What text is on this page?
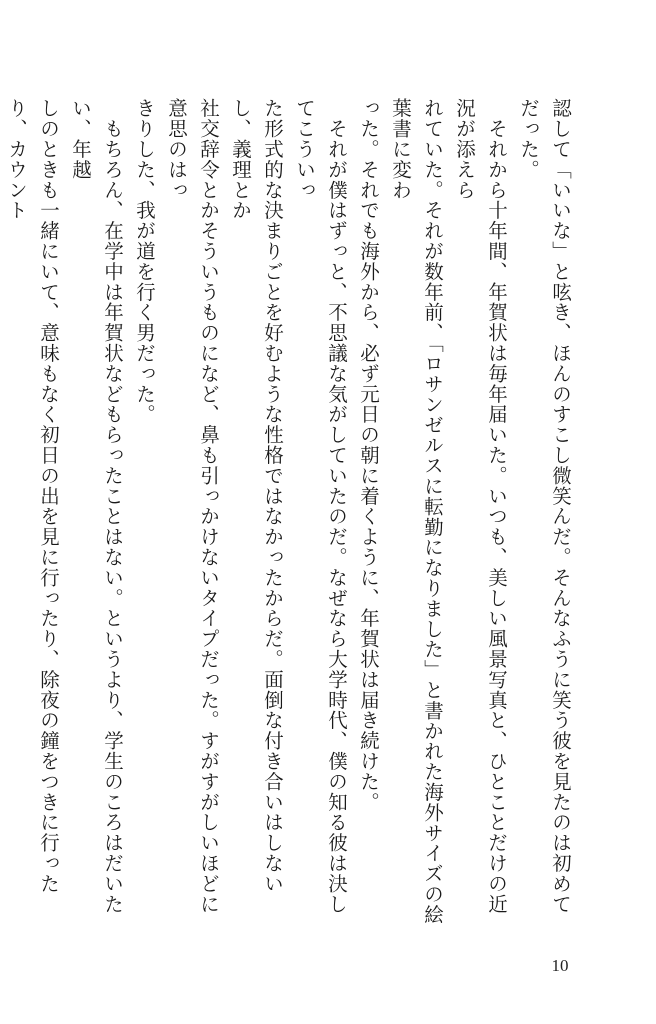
認して「いいな」と呟き、ほんのすこし微笑んだ。そんなふうに笑う彼を見たのは初めてだった。
　それから十年間、年賀状は毎年届いた。いつも、美しい風景写真と、ひとことだけの近況が添えら
れていた。それが数年前、「ロサンゼルスに転勤になりました」と書かれた海外サイズの絵葉書に変わ
った。それでも海外から、必ず元日の朝に着くように、年賀状は届き続けた。
　それが僕はずっと、不思議な気がしていたのだ。なぜなら大学時代、僕の知る彼は決してこういっ
た形式的な決まりごとを好むような性格ではなかったからだ。面倒な付き合いはしないし、義理とか
社交辞令とかそういうものになど、鼻も引っかけないタイプだった。すがすがしいほどに意思のはっ
きりした、我が道を行く男だった。
　もちろん、在学中は年賀状などもらったことはない。というより、学生のころはだいたい、年越
しのときも一緒にいて、意味もなく初日の出を見に行ったり、除夜の鐘をつきに行ったり、カウント
10
